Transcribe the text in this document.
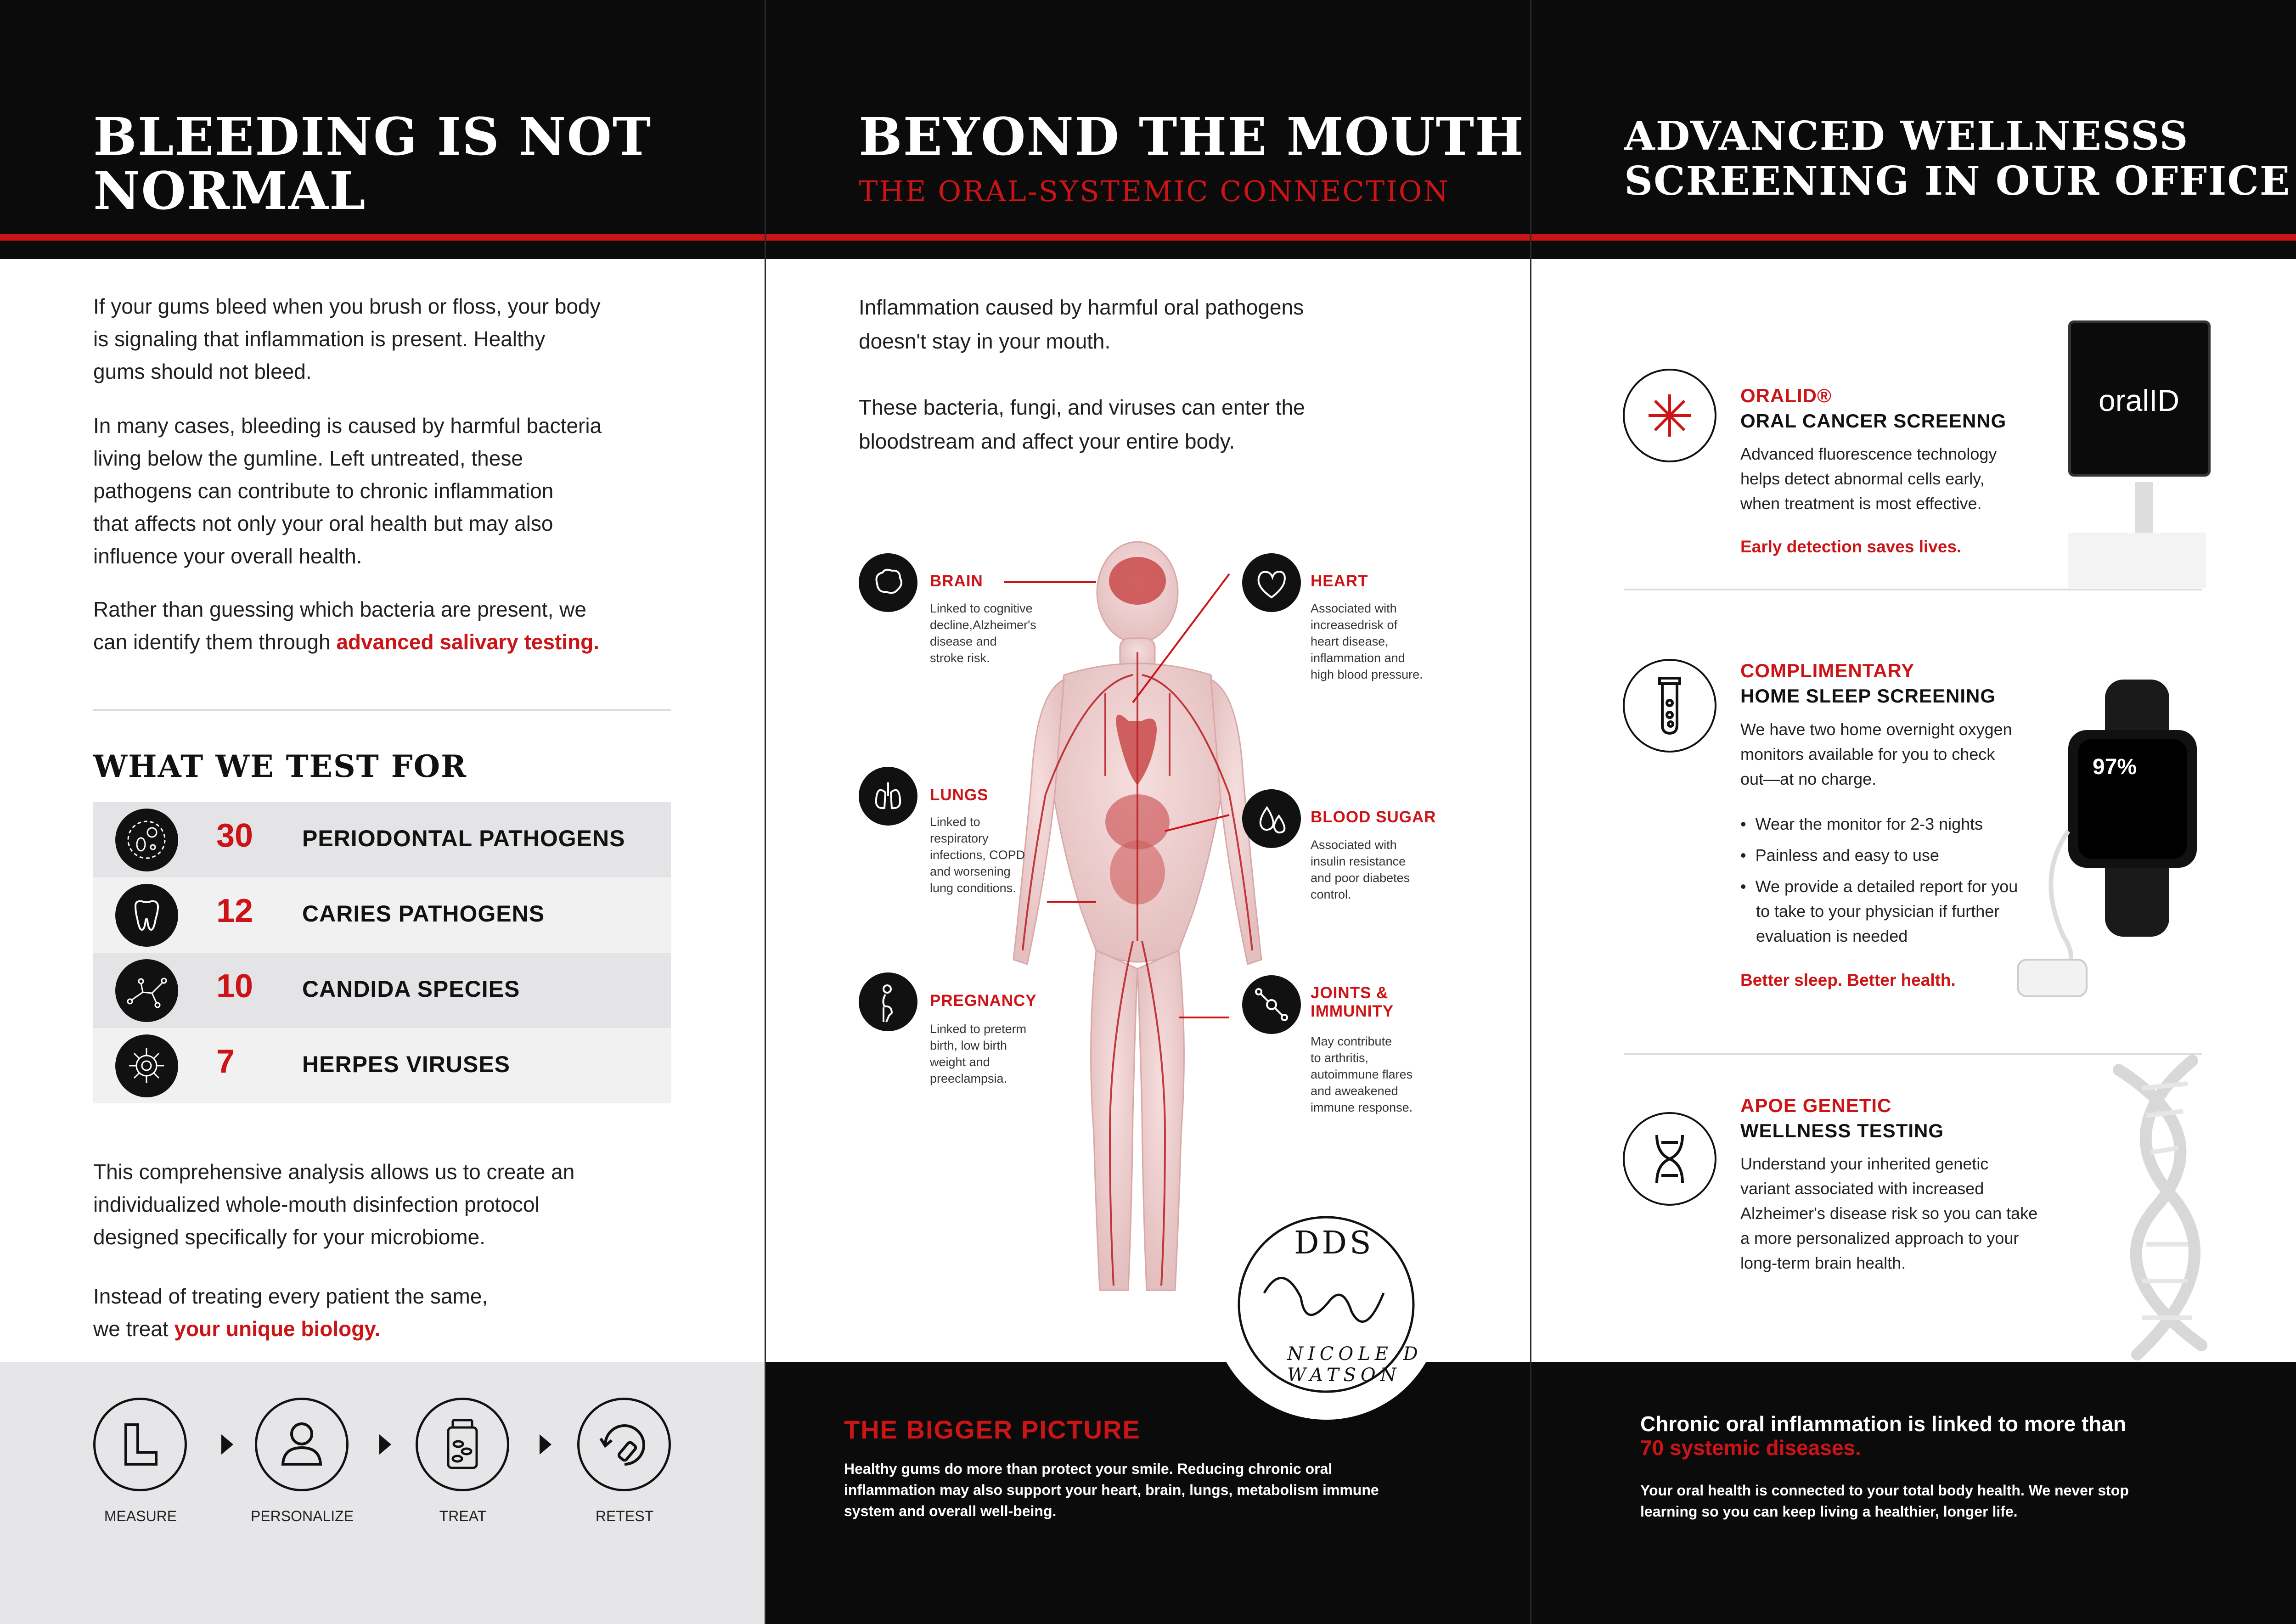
BLEEDING IS NOT
NORMAL
If your gums bleed when you brush or floss, your body
is signaling that inflammation is present. Healthy
gums should not bleed.
In many cases, bleeding is caused by harmful bacteria
living below the gumline. Left untreated, these
pathogens can contribute to chronic inflammation
that affects not only your oral health but may also
influence your overall health.
Rather than guessing which bacteria are present, we
can identify them through advanced salivary testing.
WHAT WE TEST FOR
30 PERIODONTAL PATHOGENS
12 CARIES PATHOGENS
10 CANDIDA SPECIES
7	HERPES VIRUSES
This comprehensive analysis allows us to create an
individualized whole-mouth disinfection protocol
designed specifically for your microbiome.
Instead of treating every patient the same,
we treat your unique biology.
MEASURE	PERSONALIZE	TREAT	RETEST
BEYOND THE MOUTH
THE ORAL-SYSTEMIC CONNECTION
Inflammation caused by harmful oral pathogens
doesn't stay in your mouth.
These bacteria, fungi, and viruses can enter the
bloodstream and affect your entire body.
BRAIN
Linked to cognitive
decline,Alzheimer's
disease and
stroke risk.
LUNGS
Linked to
respiratory
infections, COPD
and worsening
lung conditions.
PREGNANCY
Linked to preterm
birth, low birth
weight and
preeclampsia.
HEART
Associated with
increasedrisk of
heart disease,
inflammation and
high blood pressure.
BLOOD SUGAR
Associated with
insulin resistance
and poor diabetes
control.
JOINTS &
IMMUNITY
May contribute
to arthritis,
autoimmune flares
and aweakened
immune response.
THE BIGGER PICTURE
Healthy gums do more than protect your smile. Reducing chronic oral
inflammation may also support your heart, brain, lungs, metabolism immune
system and overall well-being.
DDS
NICOLE D WATSON
ADVANCED WELLNESSS
SCREENING IN OUR OFFICE
ORALID®
ORAL CANCER SCREENNG
Advanced fluorescence technology
helps detect abnormal cells early,
when treatment is most effective.
Early detection saves lives.
oralID
COMPLIMENTARY
HOME SLEEP SCREENING
We have two home overnight oxygen
monitors available for you to check
out—at no charge.
•  Wear the monitor for 2-3 nights
•  Painless and easy to use
•  We provide a detailed report for you
to take to your physician if further
evaluation is needed
Better sleep. Better health.
97%
APOE GENETIC
WELLNESS TESTING
Understand your inherited genetic
variant associated with increased
Alzheimer's disease risk so you can take
a more personalized approach to your
long-term brain health.
Chronic oral inflammation is linked to more than
70 systemic diseases.
Your oral health is connected to your total body health. We never stop
learning so you can keep living a healthier, longer life.
